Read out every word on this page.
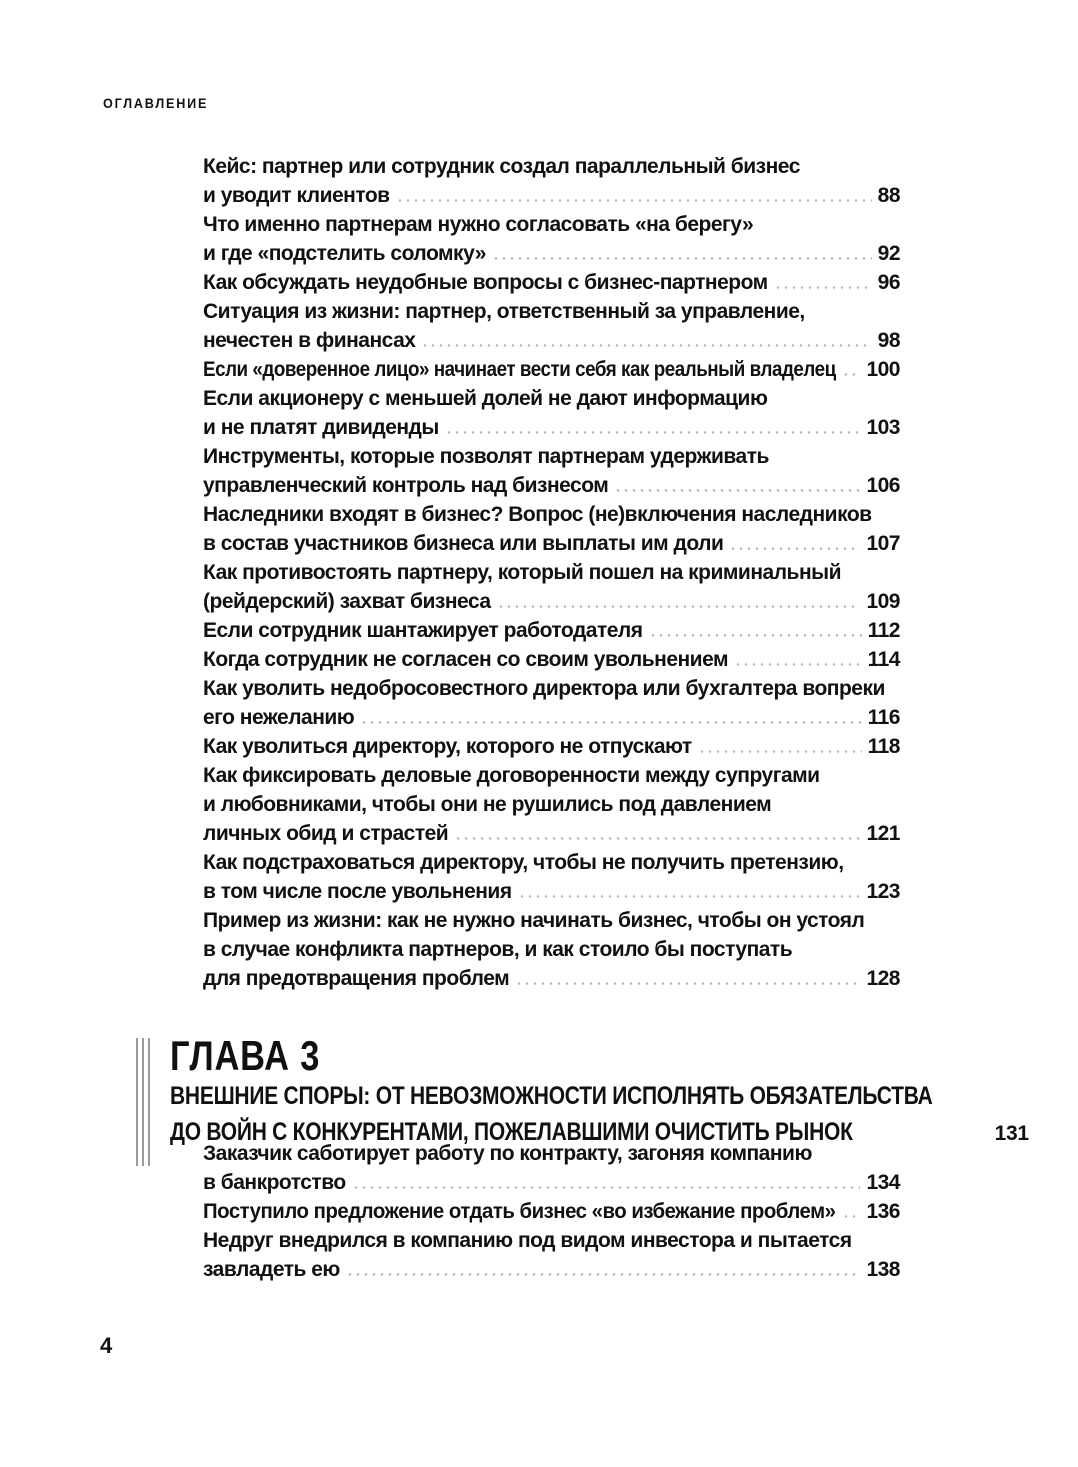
ОГЛАВЛЕНИЕ
Кейс: партнер или сотрудник создал параллельный бизнес
и уводит клиентов	88
Что именно партнерам нужно согласовать «на берегу»
и где «подстелить соломку»	92
Как обсуждать неудобные вопросы с бизнес-партнером	96
Ситуация из жизни: партнер, ответственный за управление,
нечестен в финансах	98
Если «доверенное лицо» начинает вести себя как реальный владелец 100
Если акционеру с меньшей долей не дают информацию
и не платят дивиденды	103
Инструменты, которые позволят партнерам удерживать
управленческий контроль над бизнесом	106
Наследники входят в бизнес? Вопрос (не)включения наследников
в состав участников бизнеса или выплаты им доли	107
Как противостоять партнеру, который пошел на криминальный
(рейдерский) захват бизнеса	109
Если сотрудник шантажирует работодателя	112
Когда сотрудник не согласен со своим увольнением	114
Как уволить недобросовестного директора или бухгалтера вопреки
его нежеланию	116
Как уволиться директору, которого не отпускают	118
Как фиксировать деловые договоренности между супругами
и любовниками, чтобы они не рушились под давлением
личных обид и страстей	121
Как подстраховаться директору, чтобы не получить претензию,
в том числе после увольнения	123
Пример из жизни: как не нужно начинать бизнес, чтобы он устоял
в случае конфликта партнеров, и как стоило бы поступать
для предотвращения проблем	128
ГЛАВА 3
ВНЕШНИЕ СПОРЫ: ОТ НЕВОЗМОЖНОСТИ ИСПОЛНЯТЬ ОБЯЗАТЕЛЬСТВА
ДО ВОЙН С КОНКУРЕНТАМИ, ПОЖЕЛАВШИМИ ОЧИСТИТЬ РЫНОК	131
Заказчик саботирует работу по контракту, загоняя компанию
в банкротство	134
Поступило предложение отдать бизнес «во избежание проблем» 136
Недруг внедрился в компанию под видом инвестора и пытается
завладеть ею	138
4
